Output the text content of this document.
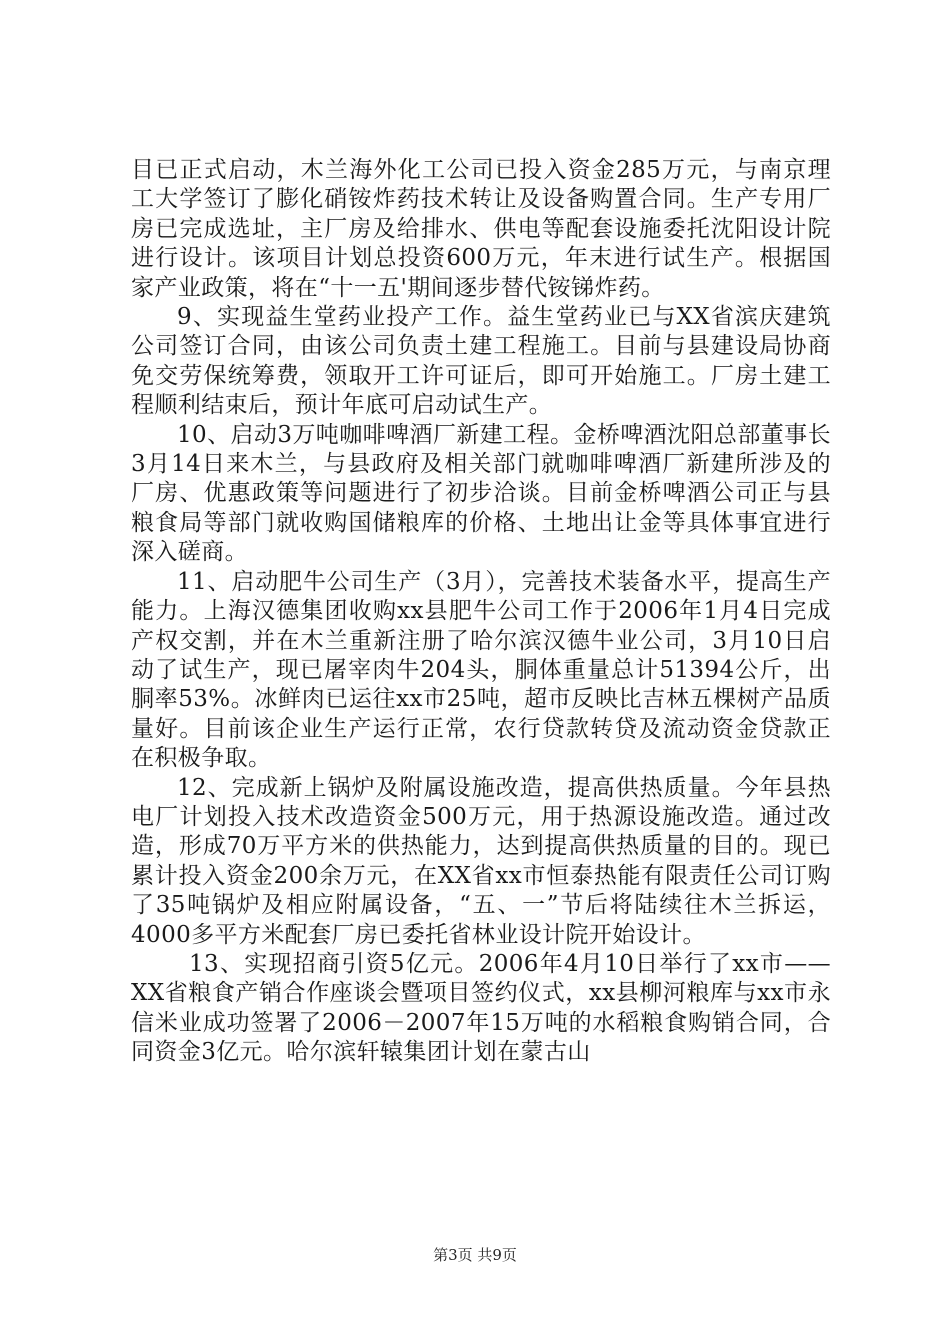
目已正式启动，木兰海外化工公司已投入资金285万元，与南京理工大学签订了膨化硝铵炸药技术转让及设备购置合同。生产专用厂房已完成选址，主厂房及给排水、供电等配套设施委托沈阳设计院进行设计。该项目计划总投资600万元，年末进行试生产。根据国家产业政策，将在“十一五'期间逐步替代铵锑炸药。

9、实现益生堂药业投产工作。益生堂药业已与XX省滨庆建筑公司签订合同，由该公司负责土建工程施工。目前与县建设局协商免交劳保统筹费，领取开工许可证后，即可开始施工。厂房土建工程顺利结束后，预计年底可启动试生产。

10、启动3万吨咖啡啤酒厂新建工程。金桥啤酒沈阳总部董事长3月14日来木兰，与县政府及相关部门就咖啡啤酒厂新建所涉及的厂房、优惠政策等问题进行了初步洽谈。目前金桥啤酒公司正与县粮食局等部门就收购国储粮库的价格、土地出让金等具体事宜进行深入磋商。

11、启动肥牛公司生产（3月），完善技术装备水平，提高生产能力。上海汉德集团收购xx县肥牛公司工作于2006年1月4日完成产权交割，并在木兰重新注册了哈尔滨汉德牛业公司，3月10日启动了试生产，现已屠宰肉牛204头，胴体重量总计51394公斤，出胴率53%。冰鲜肉已运往xx市25吨，超市反映比吉林五棵树产品质量好。目前该企业生产运行正常，农行贷款转贷及流动资金贷款正在积极争取。

12、完成新上锅炉及附属设施改造，提高供热质量。今年县热电厂计划投入技术改造资金500万元，用于热源设施改造。通过改造，形成70万平方米的供热能力，达到提高供热质量的目的。现已累计投入资金200余万元，在XX省xx市恒泰热能有限责任公司订购了35吨锅炉及相应附属设备，“五、一”节后将陆续往木兰拆运，4000多平方米配套厂房已委托省林业设计院开始设计。

13、实现招商引资5亿元。2006年4月10日举行了xx市——XX省粮食产销合作座谈会暨项目签约仪式，xx县柳河粮库与xx市永信米业成功签署了2006－2007年15万吨的水稻粮食购销合同，合同资金3亿元。哈尔滨轩辕集团计划在蒙古山

第3页 共9页
